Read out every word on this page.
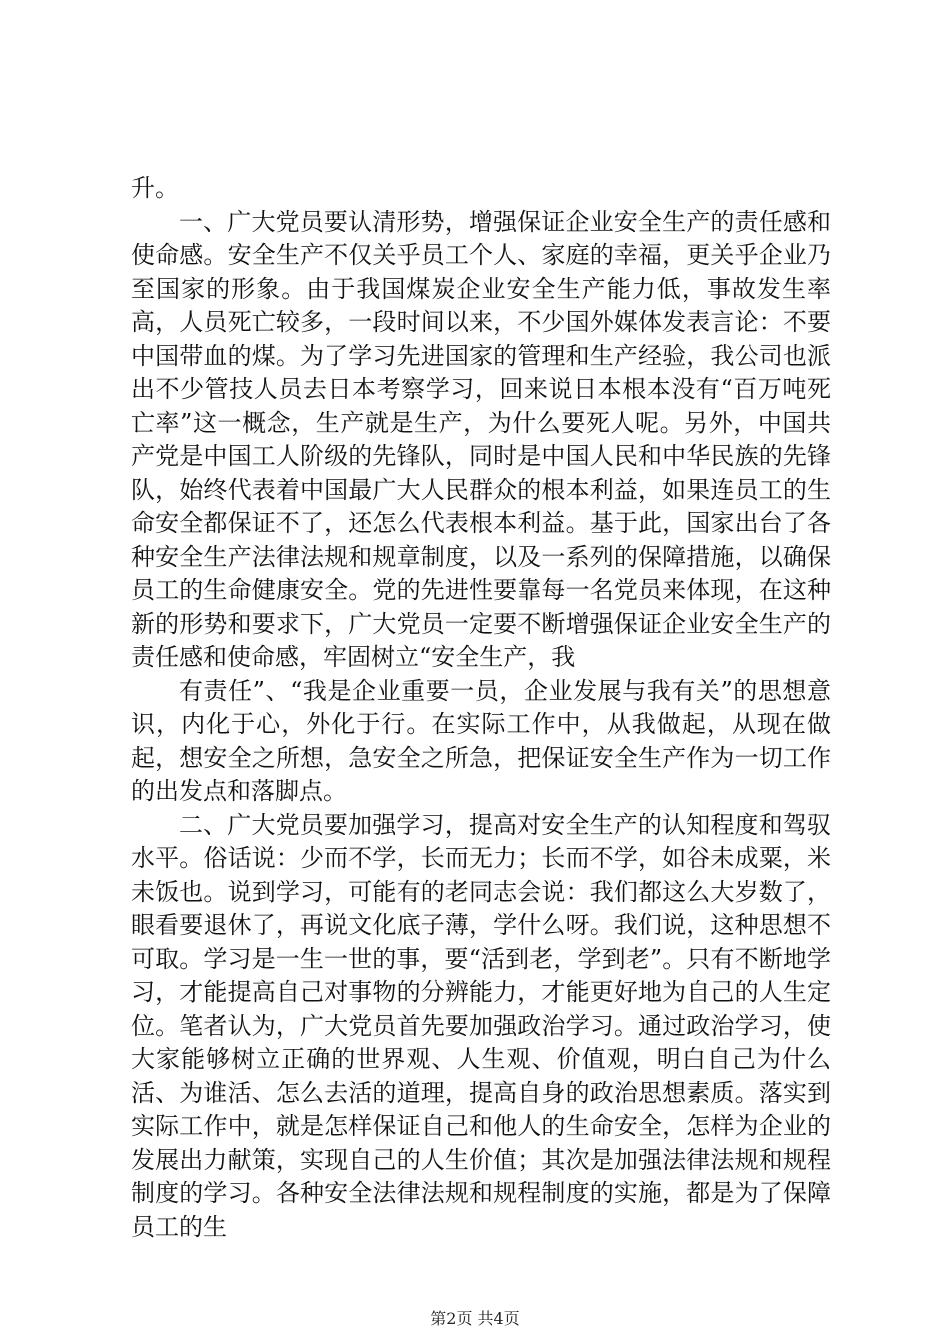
升。

一、广大党员要认清形势，增强保证企业安全生产的责任感和使命感。安全生产不仅关乎员工个人、家庭的幸福，更关乎企业乃至国家的形象。由于我国煤炭企业安全生产能力低，事故发生率高，人员死亡较多，一段时间以来，不少国外媒体发表言论：不要中国带血的煤。为了学习先进国家的管理和生产经验，我公司也派出不少管技人员去日本考察学习，回来说日本根本没有“百万吨死亡率”这一概念，生产就是生产，为什么要死人呢。另外，中国共产党是中国工人阶级的先锋队，同时是中国人民和中华民族的先锋队，始终代表着中国最广大人民群众的根本利益，如果连员工的生命安全都保证不了，还怎么代表根本利益。基于此，国家出台了各种安全生产法律法规和规章制度，以及一系列的保障措施，以确保员工的生命健康安全。党的先进性要靠每一名党员来体现，在这种新的形势和要求下，广大党员一定要不断增强保证企业安全生产的责任感和使命感，牢固树立“安全生产，我

有责任”、“我是企业重要一员，企业发展与我有关”的思想意识，内化于心，外化于行。在实际工作中，从我做起，从现在做起，想安全之所想，急安全之所急，把保证安全生产作为一切工作的出发点和落脚点。

二、广大党员要加强学习，提高对安全生产的认知程度和驾驭水平。俗话说：少而不学，长而无力；长而不学，如谷未成粟，米未饭也。说到学习，可能有的老同志会说：我们都这么大岁数了，眼看要退休了，再说文化底子薄，学什么呀。我们说，这种思想不可取。学习是一生一世的事，要“活到老，学到老”。只有不断地学习，才能提高自己对事物的分辨能力，才能更好地为自己的人生定位。笔者认为，广大党员首先要加强政治学习。通过政治学习，使大家能够树立正确的世界观、人生观、价值观，明白自己为什么活、为谁活、怎么去活的道理，提高自身的政治思想素质。落实到实际工作中，就是怎样保证自己和他人的生命安全，怎样为企业的发展出力献策，实现自己的人生价值；其次是加强法律法规和规程制度的学习。各种安全法律法规和规程制度的实施，都是为了保障员工的生

第2页 共4页
